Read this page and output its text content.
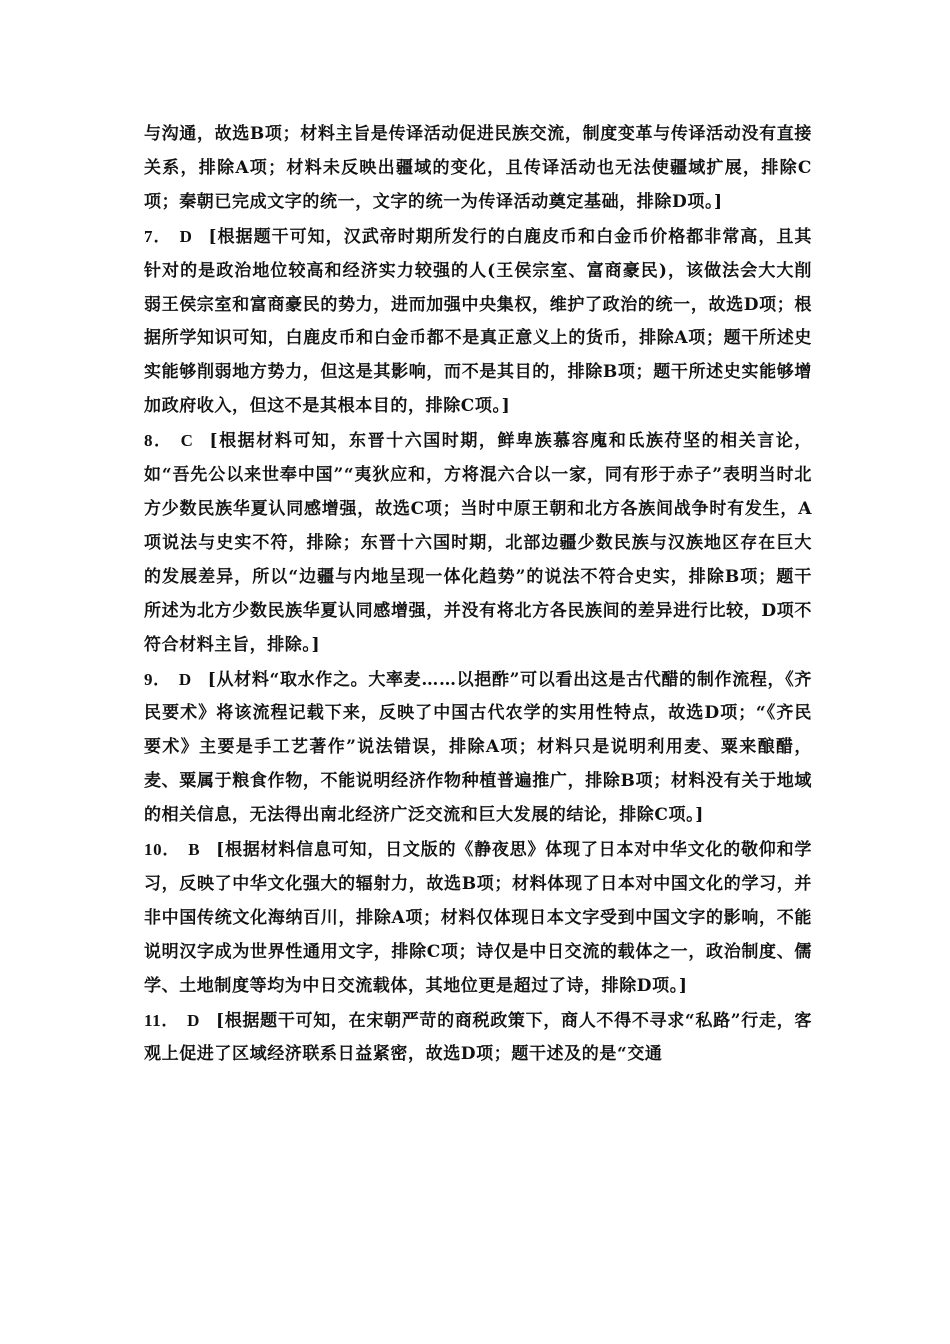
与沟通，故选B项；材料主旨是传译活动促进民族交流，制度变革与传译活动没有直接关系，排除A项；材料未反映出疆域的变化，且传译活动也无法使疆域扩展，排除C项；秦朝已完成文字的统一，文字的统一为传译活动奠定基础，排除D项。]

7． D [根据题干可知，汉武帝时期所发行的白鹿皮币和白金币价格都非常高，且其针对的是政治地位较高和经济实力较强的人(王侯宗室、富商豪民)，该做法会大大削弱王侯宗室和富商豪民的势力，进而加强中央集权，维护了政治的统一，故选D项；根据所学知识可知，白鹿皮币和白金币都不是真正意义上的货币，排除A项；题干所述史实能够削弱地方势力，但这是其影响，而不是其目的，排除B项；题干所述史实能够增加政府收入，但这不是其根本目的，排除C项。]

8． C [根据材料可知，东晋十六国时期，鲜卑族慕容廆和氐族苻坚的相关言论，如“吾先公以来世奉中国”“夷狄应和，方将混六合以一家，同有形于赤子”表明当时北方少数民族华夏认同感增强，故选C项；当时中原王朝和北方各族间战争时有发生，A项说法与史实不符，排除；东晋十六国时期，北部边疆少数民族与汉族地区存在巨大的发展差异，所以“边疆与内地呈现一体化趋势”的说法不符合史实，排除B项；题干所述为北方少数民族华夏认同感增强，并没有将北方各民族间的差异进行比较，D项不符合材料主旨，排除。]

9． D [从材料“取水作之。大率麦……以挹酢”可以看出这是古代醋的制作流程，《齐民要术》将该流程记载下来，反映了中国古代农学的实用性特点，故选D项；“《齐民要术》主要是手工艺著作”说法错误，排除A项；材料只是说明利用麦、粟来酿醋，麦、粟属于粮食作物，不能说明经济作物种植普遍推广，排除B项；材料没有关于地域的相关信息，无法得出南北经济广泛交流和巨大发展的结论，排除C项。]

10． B [根据材料信息可知，日文版的《静夜思》体现了日本对中华文化的敬仰和学习，反映了中华文化强大的辐射力，故选B项；材料体现了日本对中国文化的学习，并非中国传统文化海纳百川，排除A项；材料仅体现日本文字受到中国文字的影响，不能说明汉字成为世界性通用文字，排除C项；诗仅是中日交流的载体之一，政治制度、儒学、土地制度等均为中日交流载体，其地位更是超过了诗，排除D项。]

11． D [根据题干可知，在宋朝严苛的商税政策下，商人不得不寻求“私路”行走，客观上促进了区域经济联系日益紧密，故选D项；题干述及的是“交通
